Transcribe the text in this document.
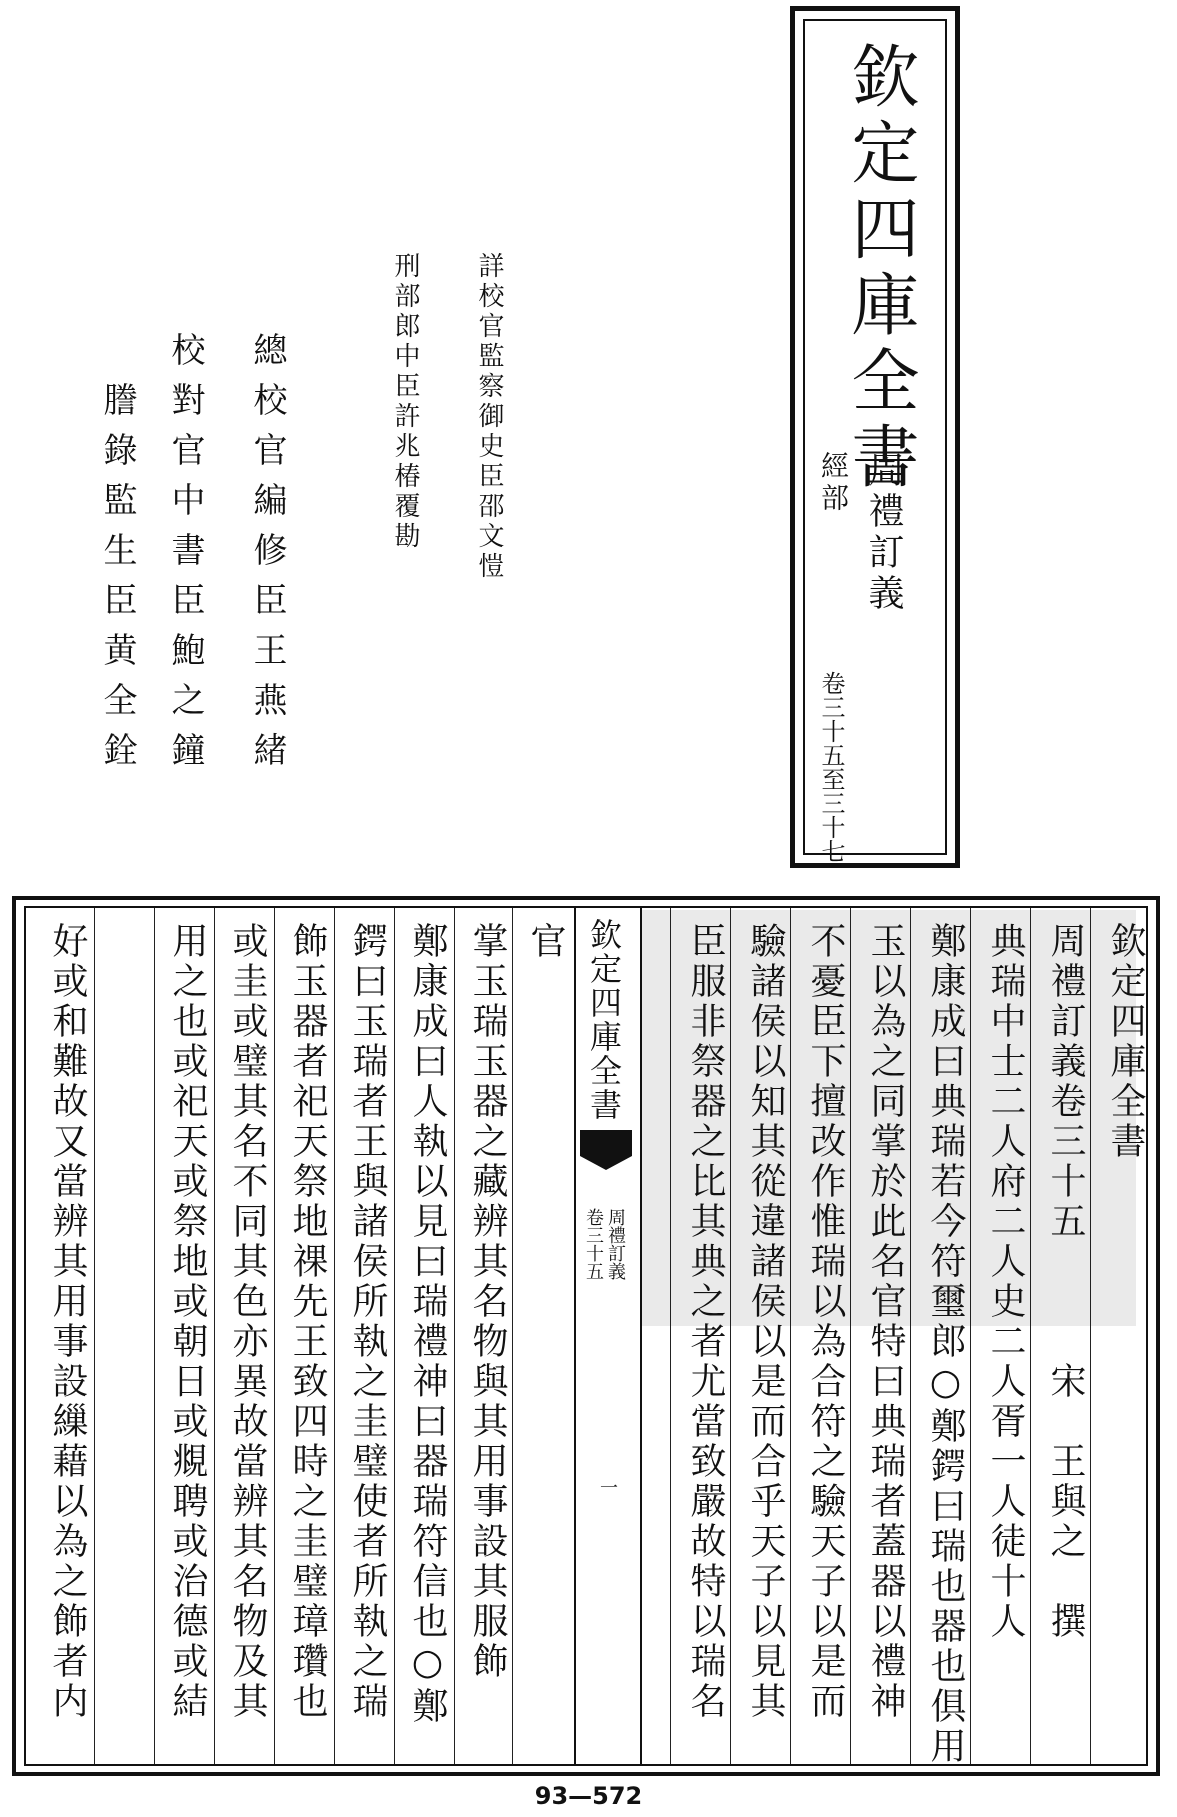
欽定四庫全書
周禮訂義
經部
卷三十五至三十七
詳校官監察御史臣邵文愷
刑部郎中臣許兆椿覆勘
總校官編修臣王燕緒
校對官中書臣鮑之鐘
謄錄監生臣黄全銓
欽定四庫全書
周禮訂義
卷三十五
一
欽定四庫全書
周禮訂義卷三十五　　　宋　王與之　撰
典瑞中士二人府二人史二人胥一人徒十人
鄭康成曰典瑞若今符璽郎○鄭鍔曰瑞也器也俱用
玉以為之同掌於此名官特曰典瑞者蓋器以禮神
不憂臣下擅改作惟瑞以為合符之驗天子以是而
驗諸侯以知其從違諸侯以是而合乎天子以見其
臣服非祭器之比其典之者尤當致嚴故特以瑞名
官
掌玉瑞玉器之藏辨其名物與其用事設其服飾
鄭康成曰人執以見曰瑞禮神曰器瑞符信也○鄭
鍔曰玉瑞者王與諸侯所執之圭璧使者所執之瑞
飾玉器者祀天祭地祼先王致四時之圭璧璋瓚也
或圭或璧其名不同其色亦異故當辨其名物及其
用之也或祀天或祭地或朝日或覜聘或治德或結
好或和難故又當辨其用事設繅藉以為之飾者内
93—572
